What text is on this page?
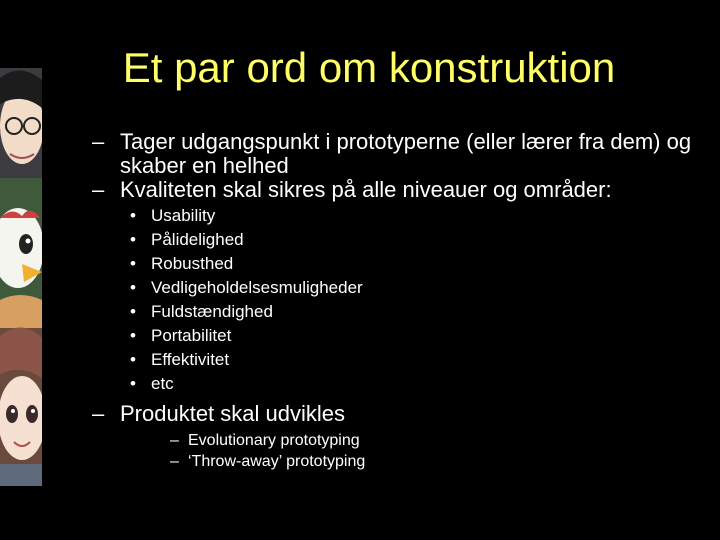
Et par ord om konstruktion
– Tager udgangspunkt i prototyperne (eller lærer fra dem) og skaber en helhed
– Kvaliteten skal sikres på alle niveauer og områder:
• Usability
• Pålidelighed
• Robusthed
• Vedligeholdelsesmuligheder
• Fuldstændighed
• Portabilitet
• Effektivitet
• etc
– Produktet skal udvikles
– Evolutionary prototyping
– ‘Throw-away’ prototyping
